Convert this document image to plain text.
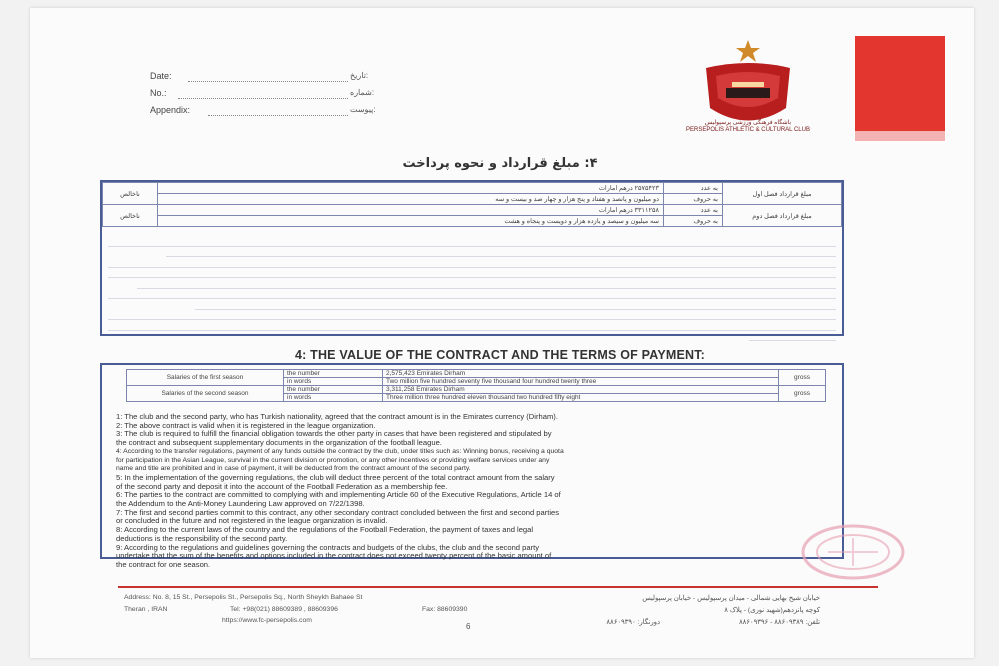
Date:	تاريخ:
No.:	شماره:
Appendix:	پيوست:
باشگاه فرهنگی ورزشی پرسپولیس
PERSEPOLIS ATHLETIC & CULTURAL CLUB
۴: مبلغ قرارداد و نحوه پرداخت
مبلغ قرارداد فصل اول	به عدد	۲۵۷۵۴۲۳ درهم امارات	ناخالص
	به حروف	دو میلیون و پانصد و هفتاد و پنج هزار و چهار صد و بیست و سه	
مبلغ قرارداد فصل دوم	به عدد	۳۳۱۱۲۵۸ درهم امارات	ناخالص
	به حروف	سه میلیون و سیصد و یازده هزار و دویست و پنجاه و هشت	
4: THE VALUE OF THE CONTRACT AND THE TERMS OF PAYMENT:
Salaries of the first season	the number	2,575,423 Emirates Dirham	gross
	in words	Two million five hundred seventy five thousand four hundred twenty three	
Salaries of the second season	the number	3,311,258 Emirates Dirham	gross
	in words	Three million three hundred eleven thousand two hundred fifty eight	
1: The club and the second party, who has Turkish nationality, agreed that the contract amount is in the Emirates currency (Dirham).
2: The above contract is valid when it is registered in the league organization.
3: The club is required to fulfill the financial obligation towards the other party in cases that have been registered and stipulated by
the contract and subsequent supplementary documents in the organization of the football league.
4: According to the transfer regulations, payment of any funds outside the contract by the club, under titles such as: Winning bonus, receiving a quota
for participation in the Asian League, survival in the current division or promotion, or any other incentives or providing welfare services under any
name and title are prohibited and in case of payment, it will be deducted from the contract amount of the second party.
5: In the implementation of the governing regulations, the club will deduct three percent of the total contract amount from the salary
of the second party and deposit it into the account of the Football Federation as a membership fee.
6: The parties to the contract are committed to complying with and implementing Article 60 of the Executive Regulations, Article 14 of
the Addendum to the Anti-Money Laundering Law approved on 7/22/1398.
7: The first and second parties commit to this contract, any other secondary contract concluded between the first and second parties
or concluded in the future and not registered in the league organization is invalid.
8: According to the current laws of the country and the regulations of the Football Federation, the payment of taxes and legal
deductions is the responsibility of the second party.
9: According to the regulations and guidelines governing the contracts and budgets of the clubs, the club and the second party
undertake that the sum of the benefits and options included in the contract does not exceed twenty percent of the basic amount of
the contract for one season.
Address: No. 8, 15 St., Persepolis St., Persepolis Sq., North Sheykh Bahaee St
Theran , IRAN	Tel: +98(021) 88609389 , 88609396	Fax: 88609390
https://www.fc-persepolis.com
خیابان شیخ بهایی شمالی - میدان پرسپولیس - خیابان پرسپولیس
کوچه پانزدهم(شهید نوری) - پلاک ۸
تلفن: ۸۸۶۰۹۳۸۹ - ۸۸۶۰۹۳۹۶
دورنگار: ۸۸۶۰۹۳۹۰
6
